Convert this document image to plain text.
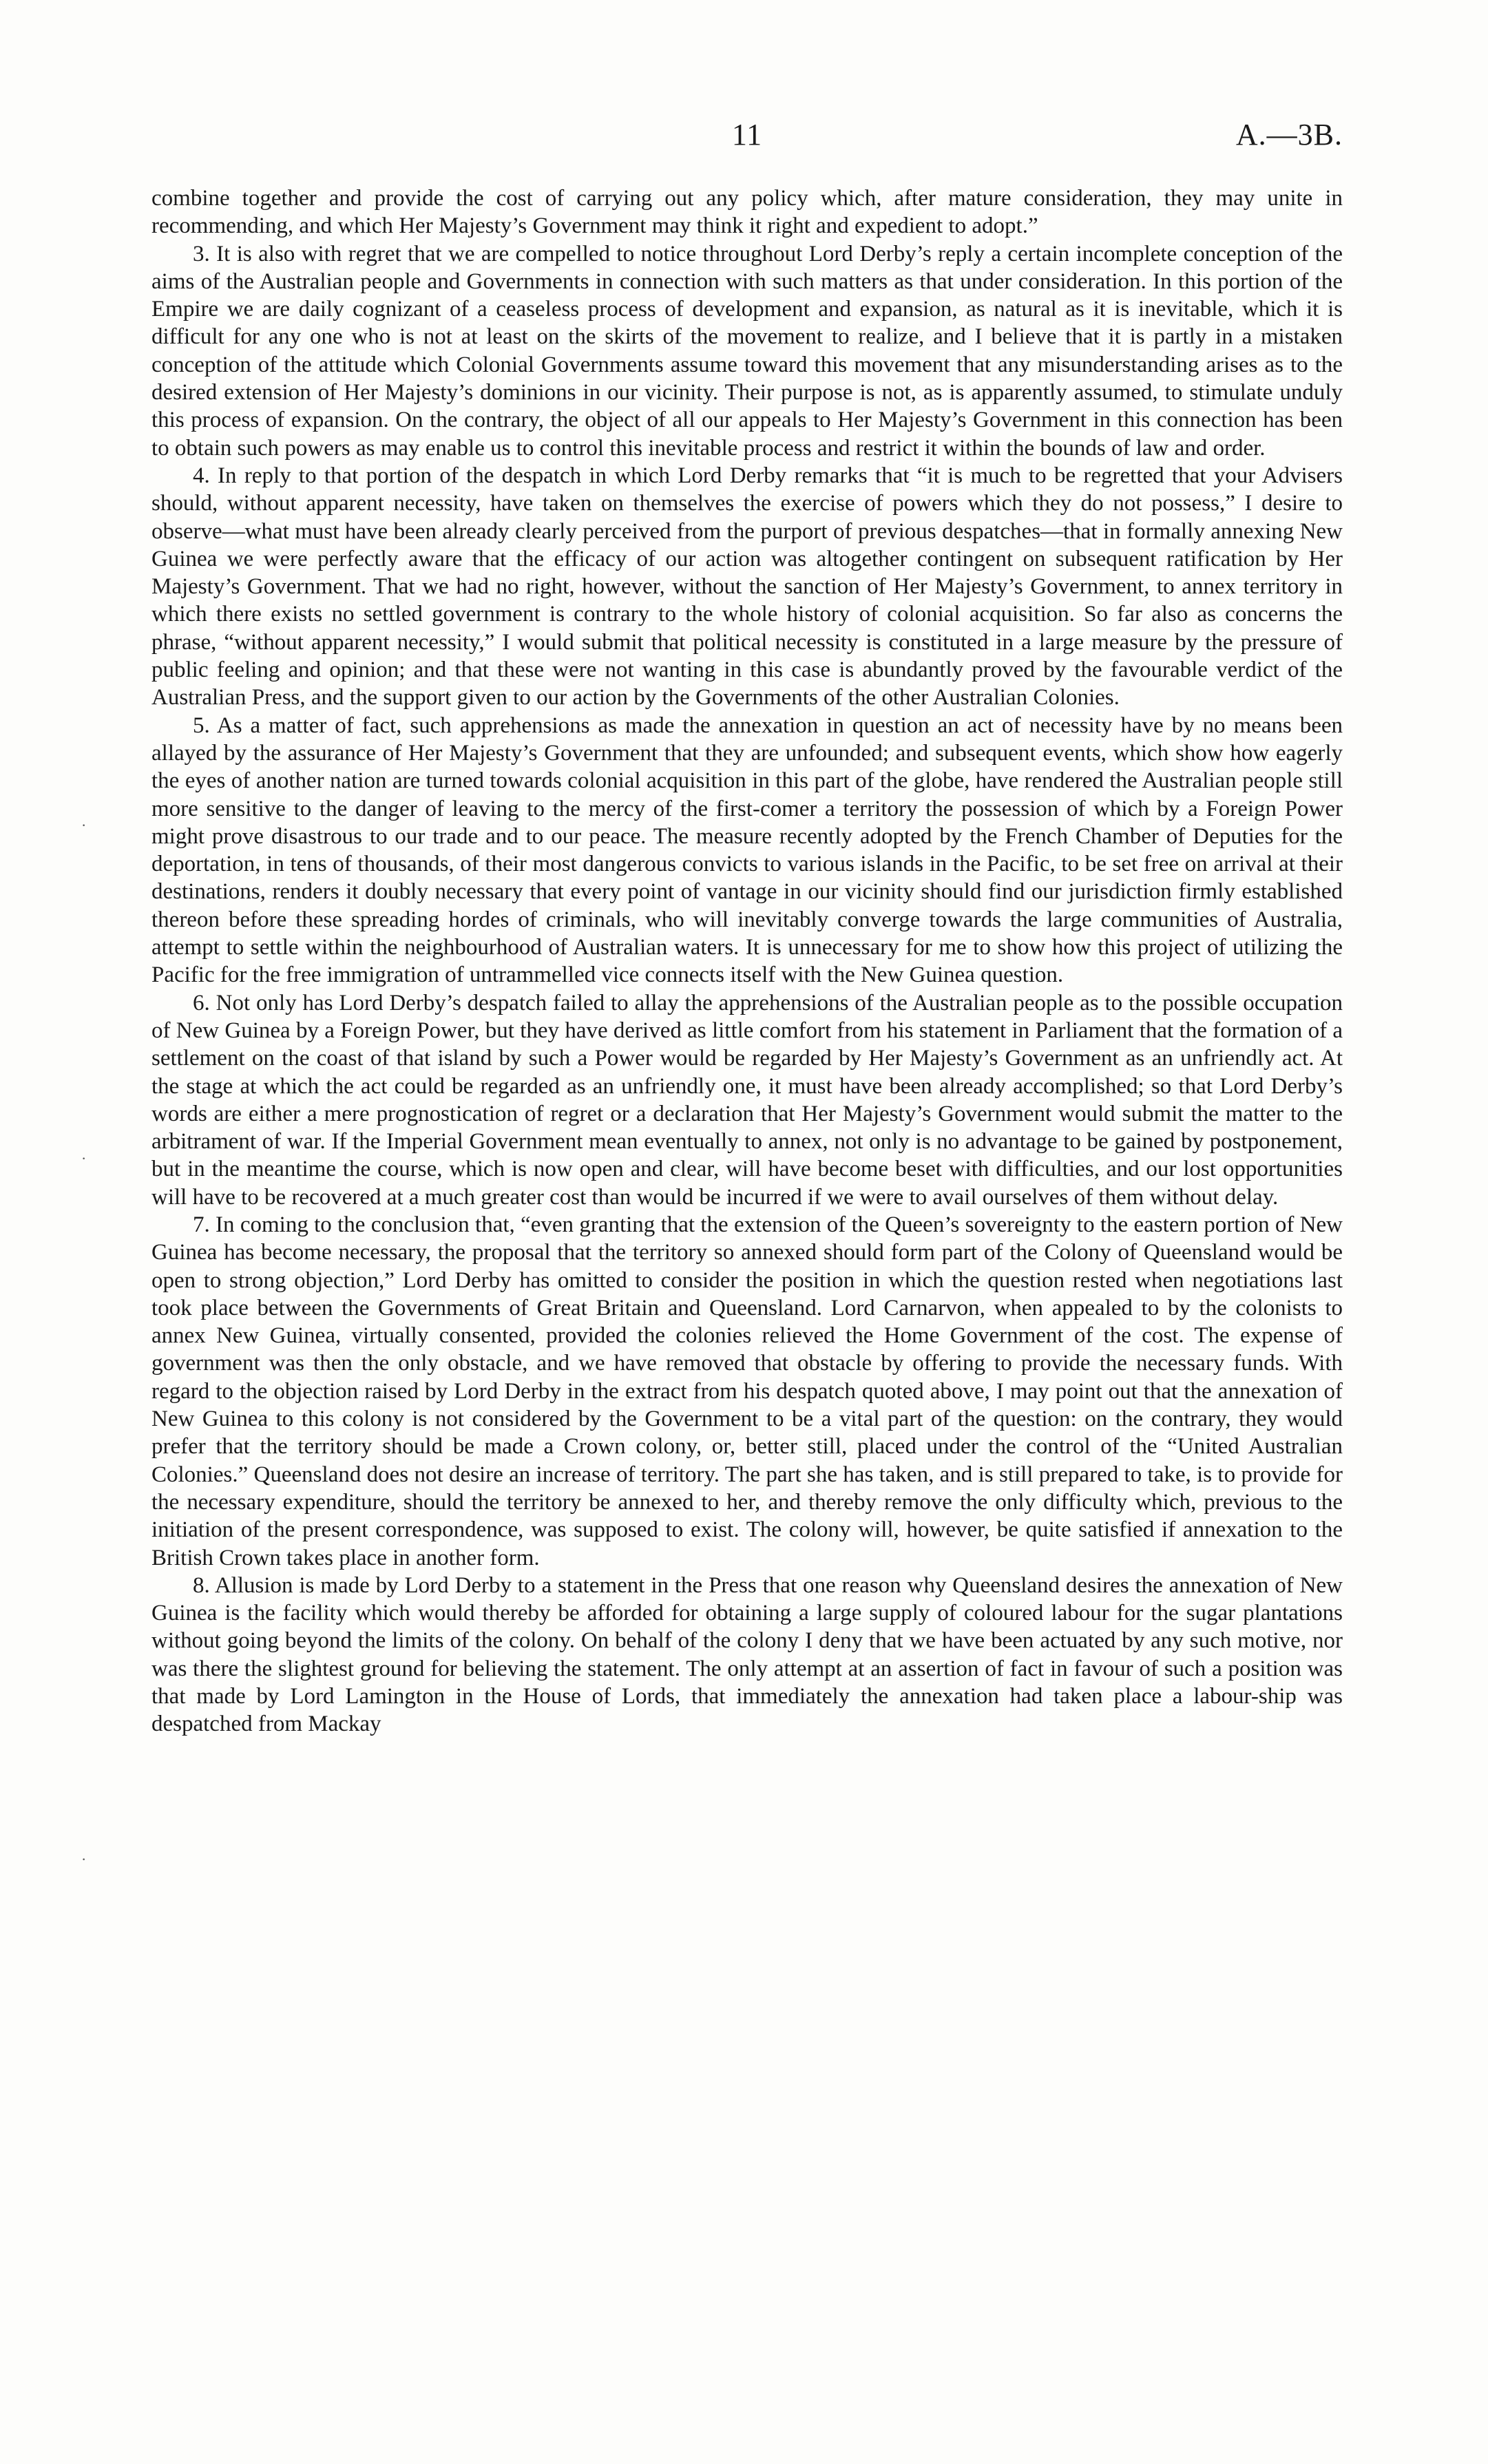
11	A.—3B.

combine together and provide the cost of carrying out any policy which, after mature consideration, they may unite in recommending, and which Her Majesty’s Government may think it right and expedient to adopt.”

3. It is also with regret that we are compelled to notice throughout Lord Derby’s reply a certain incomplete conception of the aims of the Australian people and Governments in connection with such matters as that under consideration. In this portion of the Empire we are daily cognizant of a ceaseless process of development and expansion, as natural as it is inevitable, which it is difficult for any one who is not at least on the skirts of the movement to realize, and I believe that it is partly in a mistaken conception of the attitude which Colonial Governments assume toward this movement that any misunderstanding arises as to the desired extension of Her Majesty’s dominions in our vicinity. Their purpose is not, as is apparently assumed, to stimulate unduly this process of expansion. On the contrary, the object of all our appeals to Her Majesty’s Government in this connection has been to obtain such powers as may enable us to control this inevitable process and restrict it within the bounds of law and order.

4. In reply to that portion of the despatch in which Lord Derby remarks that “it is much to be regretted that your Advisers should, without apparent necessity, have taken on themselves the exercise of powers which they do not possess,” I desire to observe—what must have been already clearly perceived from the purport of previous despatches—that in formally annexing New Guinea we were perfectly aware that the efficacy of our action was altogether contingent on subsequent ratification by Her Majesty’s Government. That we had no right, however, without the sanction of Her Majesty’s Government, to annex territory in which there exists no settled government is contrary to the whole history of colonial acquisition. So far also as concerns the phrase, “without apparent necessity,” I would submit that political necessity is constituted in a large measure by the pressure of public feeling and opinion; and that these were not wanting in this case is abundantly proved by the favourable verdict of the Australian Press, and the support given to our action by the Governments of the other Australian Colonies.

5. As a matter of fact, such apprehensions as made the annexation in question an act of necessity have by no means been allayed by the assurance of Her Majesty’s Government that they are unfounded; and subsequent events, which show how eagerly the eyes of another nation are turned towards colonial acquisition in this part of the globe, have rendered the Australian people still more sensitive to the danger of leaving to the mercy of the first-comer a territory the possession of which by a Foreign Power might prove disastrous to our trade and to our peace. The measure recently adopted by the French Chamber of Deputies for the deportation, in tens of thousands, of their most dangerous convicts to various islands in the Pacific, to be set free on arrival at their destinations, renders it doubly necessary that every point of vantage in our vicinity should find our jurisdiction firmly established thereon before these spreading hordes of criminals, who will inevitably converge towards the large communities of Australia, attempt to settle within the neighbourhood of Australian waters. It is unnecessary for me to show how this project of utilizing the Pacific for the free immigration of untrammelled vice connects itself with the New Guinea question.

6. Not only has Lord Derby’s despatch failed to allay the apprehensions of the Australian people as to the possible occupation of New Guinea by a Foreign Power, but they have derived as little comfort from his statement in Parliament that the formation of a settlement on the coast of that island by such a Power would be regarded by Her Majesty’s Government as an unfriendly act. At the stage at which the act could be regarded as an unfriendly one, it must have been already accomplished; so that Lord Derby’s words are either a mere prognostication of regret or a declaration that Her Majesty’s Government would submit the matter to the arbitrament of war. If the Imperial Government mean eventually to annex, not only is no advantage to be gained by postponement, but in the meantime the course, which is now open and clear, will have become beset with difficulties, and our lost opportunities will have to be recovered at a much greater cost than would be incurred if we were to avail ourselves of them without delay.

7. In coming to the conclusion that, “even granting that the extension of the Queen’s sovereignty to the eastern portion of New Guinea has become necessary, the proposal that the territory so annexed should form part of the Colony of Queensland would be open to strong objection,” Lord Derby has omitted to consider the position in which the question rested when negotiations last took place between the Governments of Great Britain and Queensland. Lord Carnarvon, when appealed to by the colonists to annex New Guinea, virtually consented, provided the colonies relieved the Home Government of the cost. The expense of government was then the only obstacle, and we have removed that obstacle by offering to provide the necessary funds. With regard to the objection raised by Lord Derby in the extract from his despatch quoted above, I may point out that the annexation of New Guinea to this colony is not considered by the Government to be a vital part of the question: on the contrary, they would prefer that the territory should be made a Crown colony, or, better still, placed under the control of the “United Australian Colonies.” Queensland does not desire an increase of territory. The part she has taken, and is still prepared to take, is to provide for the necessary expenditure, should the territory be annexed to her, and thereby remove the only difficulty which, previous to the initiation of the present correspondence, was supposed to exist. The colony will, however, be quite satisfied if annexation to the British Crown takes place in another form.

8. Allusion is made by Lord Derby to a statement in the Press that one reason why Queensland desires the annexation of New Guinea is the facility which would thereby be afforded for obtaining a large supply of coloured labour for the sugar plantations without going beyond the limits of the colony. On behalf of the colony I deny that we have been actuated by any such motive, nor was there the slightest ground for believing the statement. The only attempt at an assertion of fact in favour of such a position was that made by Lord Lamington in the House of Lords, that immediately the annexation had taken place a labour-ship was despatched from Mackay

·
·
·
